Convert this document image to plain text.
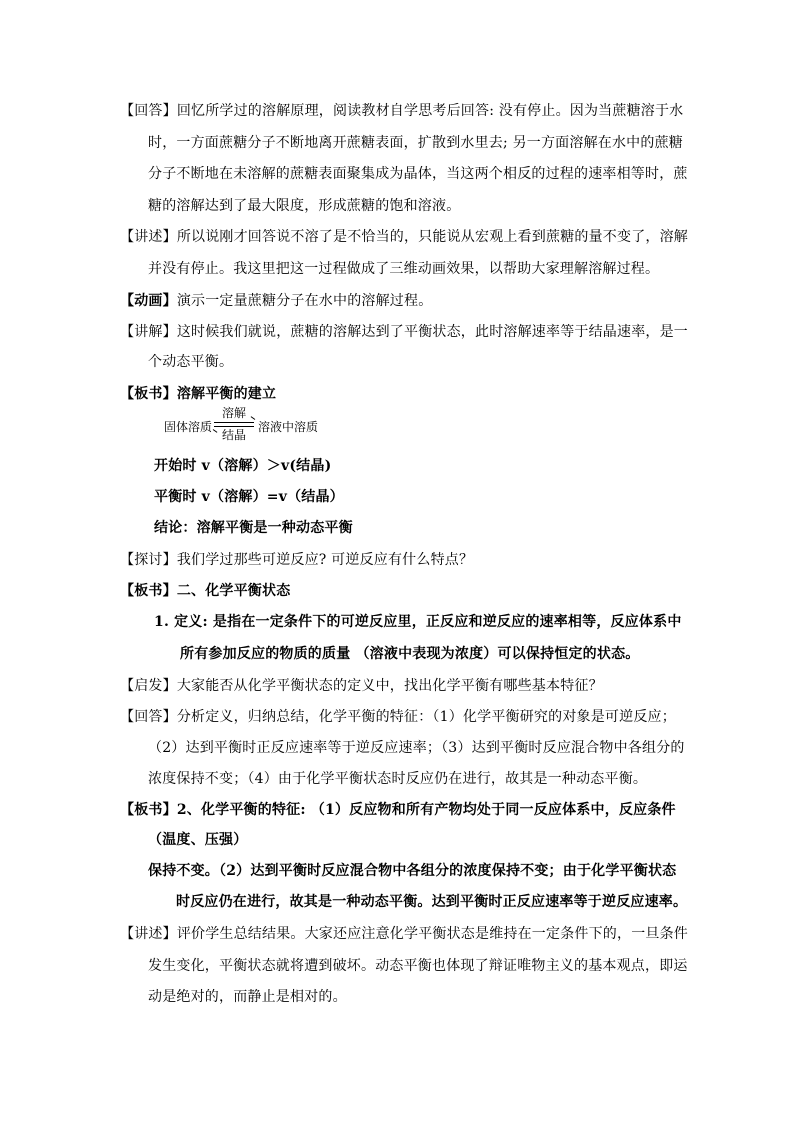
【回答】回忆所学过的溶解原理，阅读教材自学思考后回答: 没有停止。因为当蔗糖溶于水
时，一方面蔗糖分子不断地离开蔗糖表面，扩散到水里去; 另一方面溶解在水中的蔗糖
分子不断地在未溶解的蔗糖表面聚集成为晶体，当这两个相反的过程的速率相等时，蔗
糖的溶解达到了最大限度，形成蔗糖的饱和溶液。
【讲述】所以说刚才回答说不溶了是不恰当的，只能说从宏观上看到蔗糖的量不变了，溶解
并没有停止。我这里把这一过程做成了三维动画效果，以帮助大家理解溶解过程。
【动画】演示一定量蔗糖分子在水中的溶解过程。
【讲解】这时候我们就说，蔗糖的溶解达到了平衡状态，此时溶解速率等于结晶速率，是一
个动态平衡。
【板书】溶解平衡的建立
固体溶质
溶解
结晶
溶液中溶质
开始时 v（溶解）＞v(结晶)
平衡时 v（溶解）=v（结晶）
结论：溶解平衡是一种动态平衡
【探讨】我们学过那些可逆反应? 可逆反应有什么特点？
【板书】二、化学平衡状态
1. 定义: 是指在一定条件下的可逆反应里，正反应和逆反应的速率相等，反应体系中
所有参加反应的物质的质量 （溶液中表现为浓度）可以保持恒定的状态。
【启发】大家能否从化学平衡状态的定义中，找出化学平衡有哪些基本特征？
【回答】分析定义，归纳总结，化学平衡的特征：（1）化学平衡研究的对象是可逆反应；
（2）达到平衡时正反应速率等于逆反应速率；（3）达到平衡时反应混合物中各组分的
浓度保持不变；（4）由于化学平衡状态时反应仍在进行，故其是一种动态平衡。
【板书】2、化学平衡的特征: （1）反应物和所有产物均处于同一反应体系中，反应条件
（温度、压强）
保持不变。（2）达到平衡时反应混合物中各组分的浓度保持不变；由于化学平衡状态
时反应仍在进行，故其是一种动态平衡。达到平衡时正反应速率等于逆反应速率。
【讲述】评价学生总结结果。大家还应注意化学平衡状态是维持在一定条件下的，一旦条件
发生变化，平衡状态就将遭到破坏。动态平衡也体现了辩证唯物主义的基本观点，即运
动是绝对的，而静止是相对的。
